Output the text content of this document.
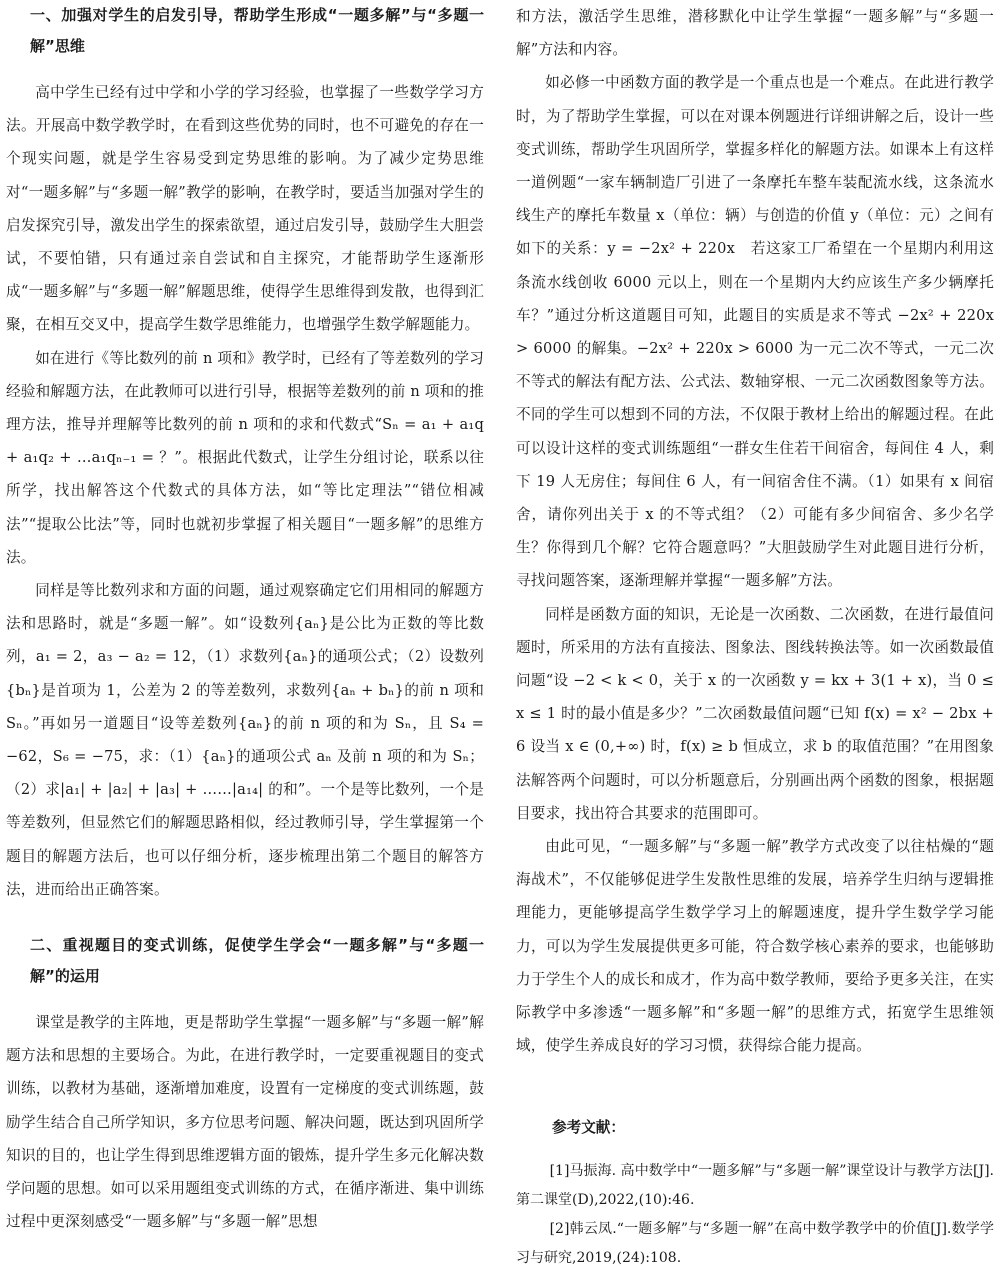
一、加强对学生的启发引导，帮助学生形成“一题多解”与“多题一解”思维

高中学生已经有过中学和小学的学习经验，也掌握了一些数学学习方法。开展高中数学教学时，在看到这些优势的同时，也不可避免的存在一个现实问题，就是学生容易受到定势思维的影响。为了减少定势思维对“一题多解”与“多题一解”教学的影响，在教学时，要适当加强对学生的启发探究引导，激发出学生的探索欲望，通过启发引导，鼓励学生大胆尝试，不要怕错，只有通过亲自尝试和自主探究，才能帮助学生逐渐形成“一题多解”与“多题一解”解题思维，使得学生思维得到发散，也得到汇聚，在相互交叉中，提高学生数学思维能力，也增强学生数学解题能力。

如在进行《等比数列的前 n 项和》教学时，已经有了等差数列的学习经验和解题方法，在此教师可以进行引导，根据等差数列的前 n 项和的推理方法，推导并理解等比数列的前 n 项和的求和代数式“Sₙ = a₁ + a₁q + a₁q₂ + …a₁qₙ₋₁ = ？”。根据此代数式，让学生分组讨论，联系以往所学，找出解答这个代数式的具体方法，如“等比定理法”“错位相减法”“提取公比法”等，同时也就初步掌握了相关题目“一题多解”的思维方法。

同样是等比数列求和方面的问题，通过观察确定它们用相同的解题方法和思路时，就是“多题一解”。如“设数列{aₙ}是公比为正数的等比数列，a₁ = 2，a₃ − a₂ = 12，（1）求数列{aₙ}的通项公式；（2）设数列{bₙ}是首项为 1，公差为 2 的等差数列，求数列{aₙ + bₙ}的前 n 项和 Sₙ。”再如另一道题目“设等差数列{aₙ}的前 n 项的和为 Sₙ，且 S₄ = −62，S₆ = −75，求：（1）{aₙ}的通项公式 aₙ 及前 n 项的和为 Sₙ；（2）求|a₁| + |a₂| + |a₃| + ……|a₁₄| 的和”。一个是等比数列，一个是等差数列，但显然它们的解题思路相似，经过教师引导，学生掌握第一个题目的解题方法后，也可以仔细分析，逐步梳理出第二个题目的解答方法，进而给出正确答案。

二、重视题目的变式训练，促使学生学会“一题多解”与“多题一解”的运用

课堂是教学的主阵地，更是帮助学生掌握“一题多解”与“多题一解”解题方法和思想的主要场合。为此，在进行教学时，一定要重视题目的变式训练，以教材为基础，逐渐增加难度，设置有一定梯度的变式训练题，鼓励学生结合自己所学知识，多方位思考问题、解决问题，既达到巩固所学知识的目的，也让学生得到思维逻辑方面的锻炼，提升学生多元化解决数学问题的思想。如可以采用题组变式训练的方式，在循序渐进、集中训练过程中更深刻感受“一题多解”与“多题一解”思想

和方法，激活学生思维，潜移默化中让学生掌握“一题多解”与“多题一解”方法和内容。

如必修一中函数方面的教学是一个重点也是一个难点。在此进行教学时，为了帮助学生掌握，可以在对课本例题进行详细讲解之后，设计一些变式训练，帮助学生巩固所学，掌握多样化的解题方法。如课本上有这样一道例题“一家车辆制造厂引进了一条摩托车整车装配流水线，这条流水线生产的摩托车数量 x（单位：辆）与创造的价值 y（单位：元）之间有如下的关系：y = −2x² + 220x　若这家工厂希望在一个星期内利用这条流水线创收 6000 元以上，则在一个星期内大约应该生产多少辆摩托车？”通过分析这道题目可知，此题目的实质是求不等式 −2x² + 220x > 6000 的解集。−2x² + 220x > 6000 为一元二次不等式，一元二次不等式的解法有配方法、公式法、数轴穿根、一元二次函数图象等方法。不同的学生可以想到不同的方法，不仅限于教材上给出的解题过程。在此可以设计这样的变式训练题组“一群女生住若干间宿舍，每间住 4 人，剩下 19 人无房住；每间住 6 人，有一间宿舍住不满。（1）如果有 x 间宿舍，请你列出关于 x 的不等式组？（2）可能有多少间宿舍、多少名学生？你得到几个解？它符合题意吗？”大胆鼓励学生对此题目进行分析，寻找问题答案，逐渐理解并掌握“一题多解”方法。

同样是函数方面的知识，无论是一次函数、二次函数，在进行最值问题时，所采用的方法有直接法、图象法、图线转换法等。如一次函数最值问题“设 −2 < k < 0，关于 x 的一次函数 y = kx + 3(1 + x)，当 0 ≤ x ≤ 1 时的最小值是多少？”二次函数最值问题“已知 f(x) = x² − 2bx + 6 设当 x ∈ (0,+∞) 时，f(x) ≥ b 恒成立，求 b 的取值范围？”在用图象法解答两个问题时，可以分析题意后，分别画出两个函数的图象，根据题目要求，找出符合其要求的范围即可。

由此可见，“一题多解”与“多题一解”教学方式改变了以往枯燥的“题海战术”，不仅能够促进学生发散性思维的发展，培养学生归纳与逻辑推理能力，更能够提高学生数学学习上的解题速度，提升学生数学学习能力，可以为学生发展提供更多可能，符合数学核心素养的要求，也能够助力于学生个人的成长和成才，作为高中数学教师，要给予更多关注，在实际教学中多渗透“一题多解”和“多题一解”的思维方式，拓宽学生思维领域，使学生养成良好的学习习惯，获得综合能力提高。

参考文献：

[1]马振海. 高中数学中“一题多解”与“多题一解”课堂设计与教学方法[J]. 第二课堂(D),2022,(10):46.

[2]韩云凤.“一题多解”与“多题一解”在高中数学教学中的价值[J].数学学习与研究,2019,(24):108.
